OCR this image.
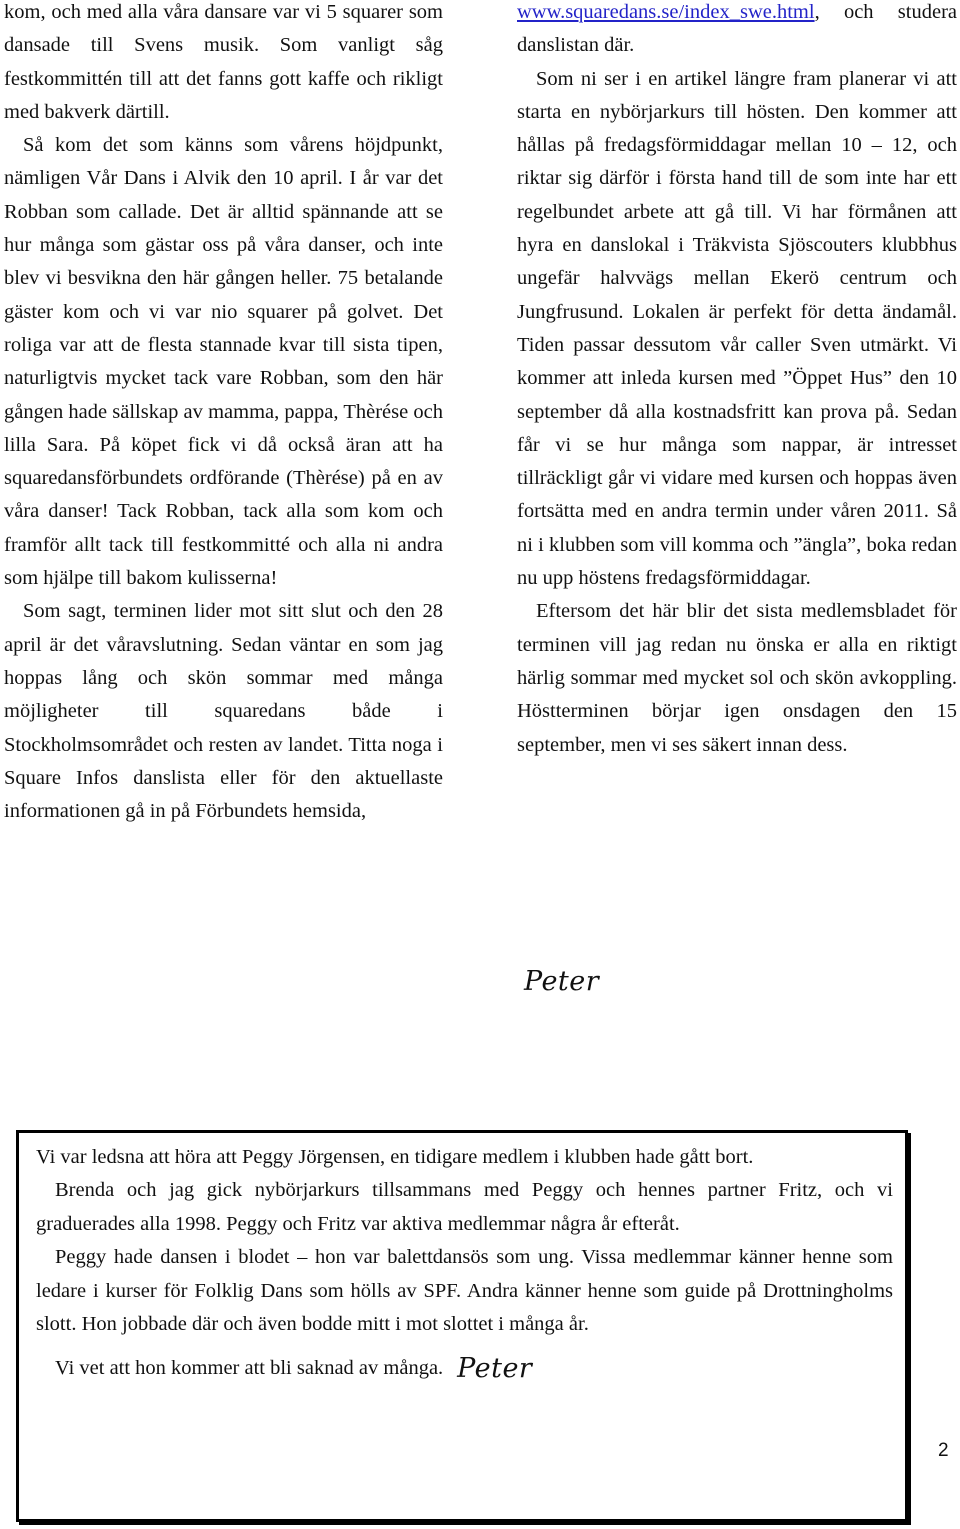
kom, och med alla våra dansare var vi 5 squarer som dansade till Svens musik. Som vanligt såg festkommittén till att det fanns gott kaffe och rikligt med bakverk därtill.

Så kom det som känns som vårens höjdpunkt, nämligen Vår Dans i Alvik den 10 april. I år var det Robban som callade. Det är alltid spännande att se hur många som gästar oss på våra danser, och inte blev vi besvikna den här gången heller. 75 betalande gäster kom och vi var nio squarer på golvet. Det roliga var att de flesta stannade kvar till sista tipen, naturligtvis mycket tack vare Robban, som den här gången hade sällskap av mamma, pappa, Thèrése och lilla Sara. På köpet fick vi då också äran att ha squaredansförbundets ordförande (Thèrése) på en av våra danser! Tack Robban, tack alla som kom och framför allt tack till festkommitté och alla ni andra som hjälpe till bakom kulisserna!

Som sagt, terminen lider mot sitt slut och den 28 april är det våravslutning. Sedan väntar en som jag hoppas lång och skön sommar med många möjligheter till squaredans både i Stockholmsområdet och resten av landet. Titta noga i Square Infos danslista eller för den aktuellaste informationen gå in på Förbundets hemsida,

www.squaredans.se/index_swe.html, och studera danslistan där.

Som ni ser i en artikel längre fram planerar vi att starta en nybörjarkurs till hösten. Den kommer att hållas på fredagsförmiddagar mellan 10 – 12, och riktar sig därför i första hand till de som inte har ett regelbundet arbete att gå till. Vi har förmånen att hyra en danslokal i Träkvista Sjöscouters klubbhus ungefär halvvägs mellan Ekerö centrum och Jungfrusund. Lokalen är perfekt för detta ändamål. Tiden passar dessutom vår caller Sven utmärkt. Vi kommer att inleda kursen med ”Öppet Hus” den 10 september då alla kostnadsfritt kan prova på. Sedan får vi se hur många som nappar, är intresset tillräckligt går vi vidare med kursen och hoppas även fortsätta med en andra termin under våren 2011. Så ni i klubben som vill komma och ”ängla”, boka redan nu upp höstens fredagsförmiddagar.

Eftersom det här blir det sista medlemsbladet för terminen vill jag redan nu önska er alla en riktigt härlig sommar med mycket sol och skön avkoppling. Höstterminen börjar igen onsdagen den 15 september, men vi ses säkert innan dess.

Peter

Vi var ledsna att höra att Peggy Jörgensen, en tidigare medlem i klubben hade gått bort.

Brenda och jag gick nybörjarkurs tillsammans med Peggy och hennes partner Fritz, och vi graduerades alla 1998. Peggy och Fritz var aktiva medlemmar några år efteråt.

Peggy hade dansen i blodet – hon var balettdansös som ung. Vissa medlemmar känner henne som ledare i kurser för Folklig Dans som hölls av SPF. Andra känner henne som guide på Drottningholms slott. Hon jobbade där och även bodde mitt i mot slottet i många år.

Vi vet att hon kommer att bli saknad av många. Peter

2
